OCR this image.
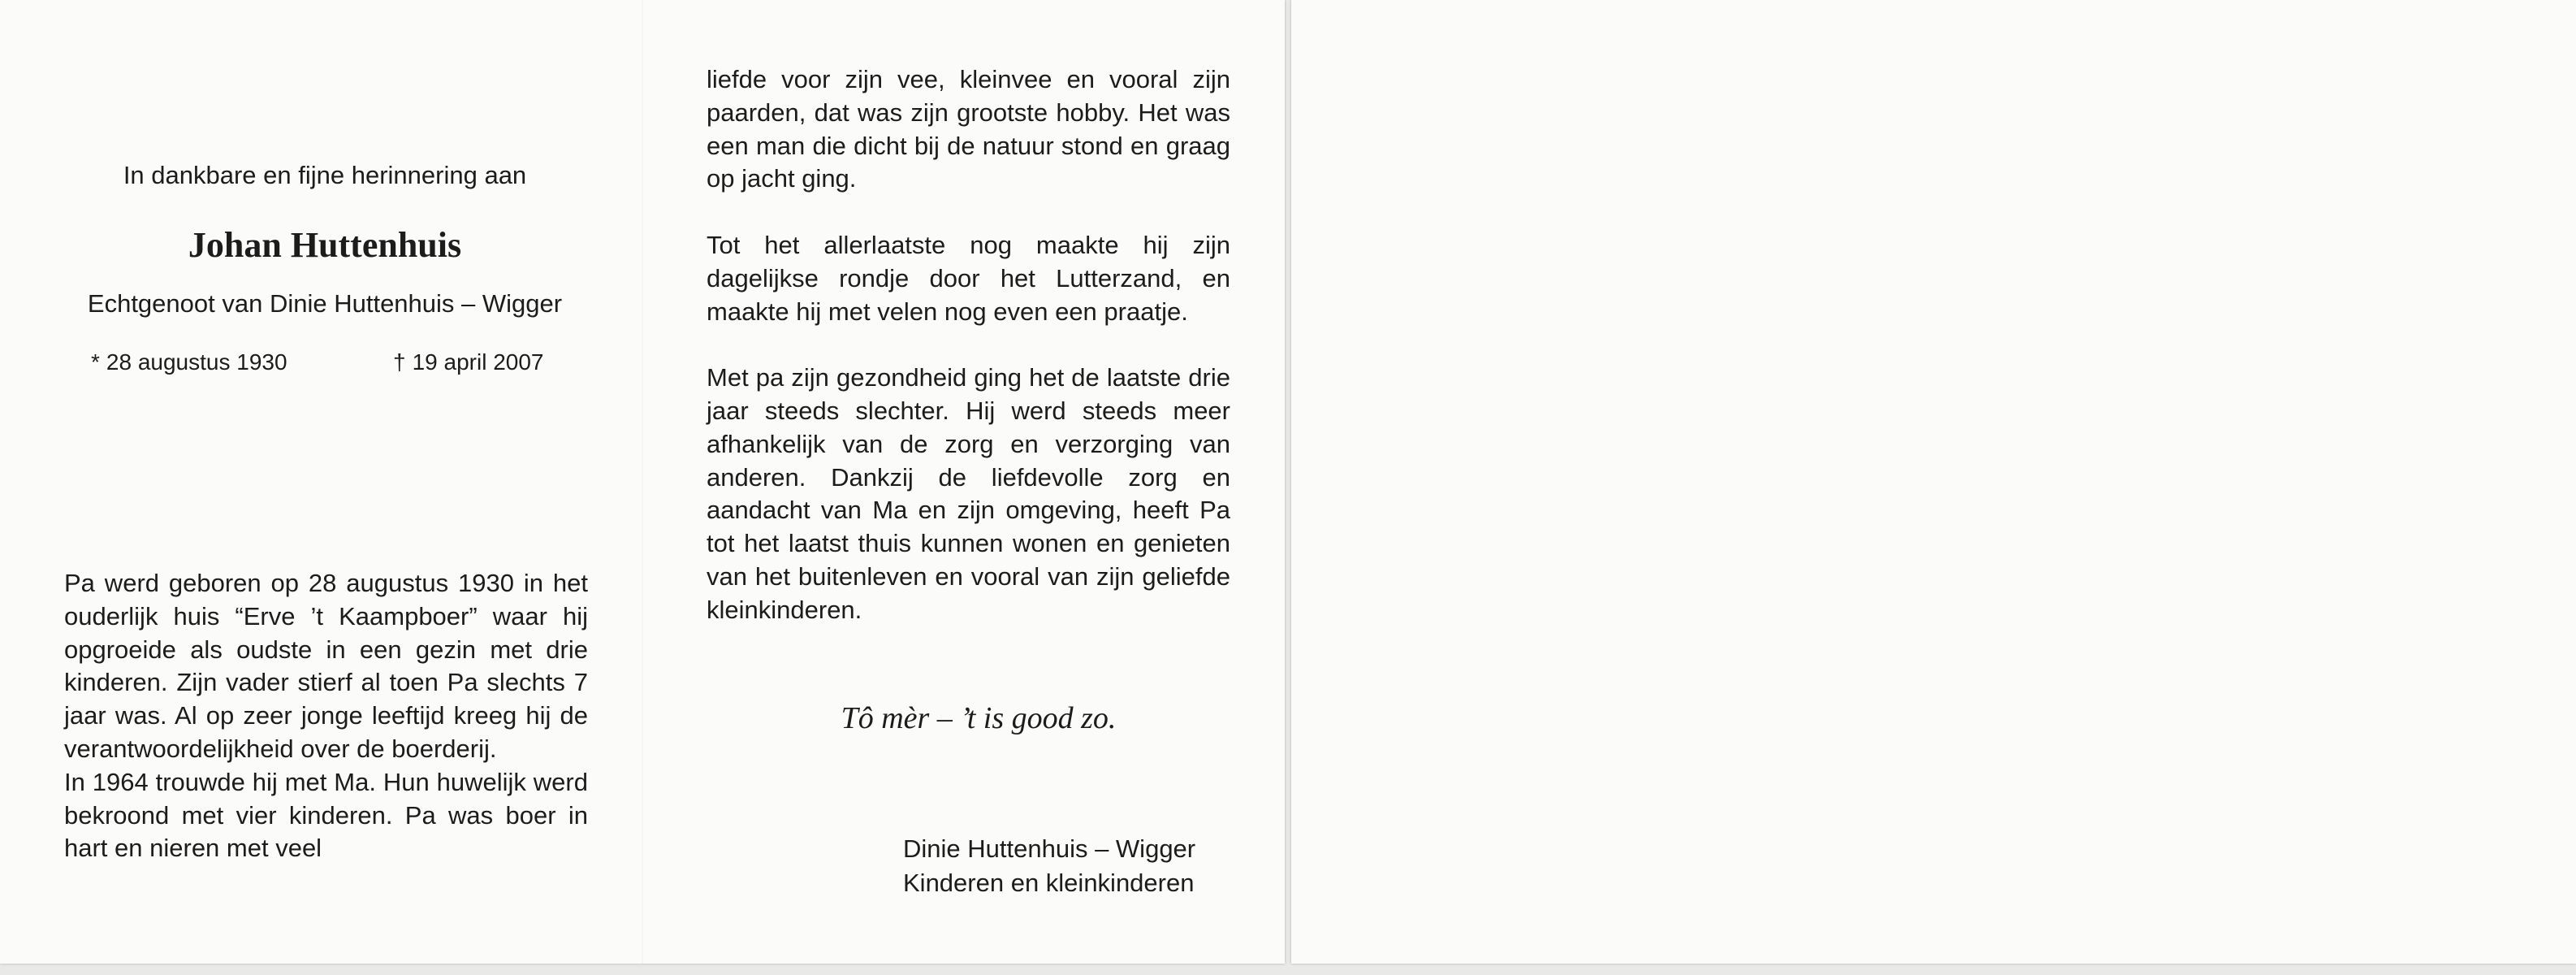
In dankbare en fijne herinnering aan
Johan Huttenhuis
Echtgenoot van Dinie Huttenhuis – Wigger
* 28 augustus 1930	† 19 april 2007

Pa werd geboren op 28 augustus 1930 in het ouderlijk huis “Erve ’t Kaampboer” waar hij opgroeide als oudste in een gezin met drie kinderen. Zijn vader stierf al toen Pa slechts 7 jaar was. Al op zeer jonge leeftijd kreeg hij de verantwoordelijkheid over de boerderij.

In 1964 trouwde hij met Ma. Hun huwelijk werd bekroond met vier kinderen. Pa was boer in hart en nieren met veel

liefde voor zijn vee, kleinvee en vooral zijn paarden, dat was zijn grootste hobby. Het was een man die dicht bij de natuur stond en graag op jacht ging.

Tot het allerlaatste nog maakte hij zijn dagelijkse rondje door het Lutterzand, en maakte hij met velen nog even een praatje.

Met pa zijn gezondheid ging het de laatste drie jaar steeds slechter. Hij werd steeds meer afhankelijk van de zorg en verzorging van anderen. Dankzij de liefdevolle zorg en aandacht van Ma en zijn omgeving, heeft Pa tot het laatst thuis kunnen wonen en genieten van het buitenleven en vooral van zijn geliefde kleinkinderen.

Tô mèr – ’t is good zo.
Dinie Huttenhuis – Wigger
Kinderen en kleinkinderen
